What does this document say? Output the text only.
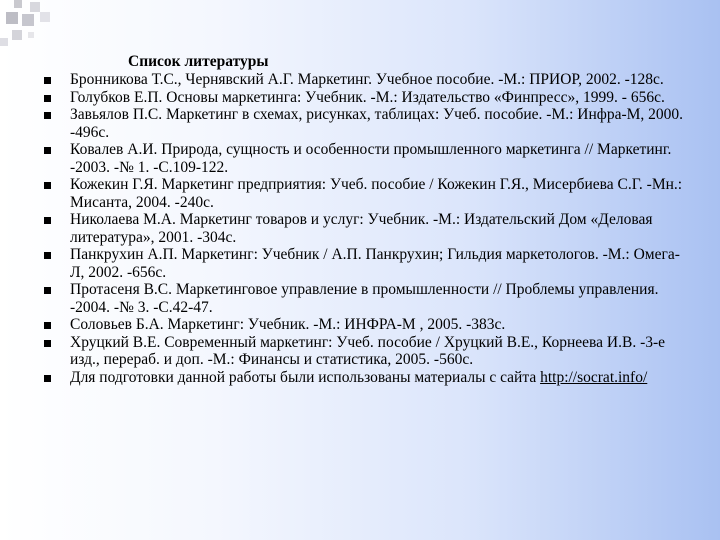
Список литературы
Бронникова Т.С., Чернявский А.Г. Маркетинг. Учебное пособие. -М.: ПРИОР, 2002. -128с.
Голубков Е.П. Основы маркетинга: Учебник. -М.: Издательство «Финпресс», 1999. - 656с.
Завьялов П.С. Маркетинг в схемах, рисунках, таблицах: Учеб. пособие. -М.: Инфра-М, 2000. -496с.
Ковалев А.И. Природа, сущность и особенности промышленного маркетинга // Маркетинг. -2003. -№ 1. -С.109-122.
Кожекин Г.Я. Маркетинг предприятия: Учеб. пособие / Кожекин Г.Я., Мисербиева С.Г. -Мн.: Мисанта, 2004. -240с.
Николаева М.А. Маркетинг товаров и услуг: Учебник. -М.: Издательский Дом «Деловая литература», 2001. -304с.
Панкрухин А.П. Маркетинг: Учебник / А.П. Панкрухин; Гильдия маркетологов. -М.: Омега-Л, 2002. -656с.
Протасеня В.С. Маркетинговое управление в промышленности // Проблемы управления. -2004. -№ 3. -С.42-47.
Соловьев Б.А. Маркетинг: Учебник. -М.: ИНФРА-М , 2005. -383с.
Хруцкий В.Е. Современный маркетинг: Учеб. пособие / Хруцкий В.Е., Корнеева И.В. -3-е изд., перераб. и доп. -М.: Финансы и статистика, 2005. -560с.
Для подготовки данной работы были использованы материалы с сайта http://socrat.info/
